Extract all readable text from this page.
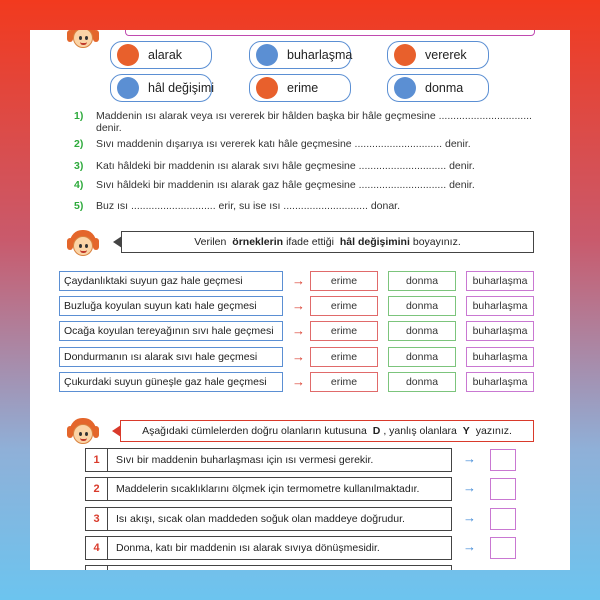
alarak	buharlaşma	vererek
hâl değişimi	erime	donma
1) Maddenin ısı alarak veya ısı vererek bir hâlden başka bir hâle geçmesine ................................
denir.
2) Sıvı maddenin dışarıya ısı vererek katı hâle geçmesine .............................. denir.
3) Katı hâldeki bir maddenin ısı alarak sıvı hâle geçmesine .............................. denir.
4) Sıvı hâldeki bir maddenin ısı alarak gaz hâle geçmesine .............................. denir.
5) Buz ısı ............................. erir, su ise ısı ............................. donar.
Verilen
örneklerin ifade ettiği
hâl değişimini boyayınız.
Çaydanlıktaki suyun gaz hale geçmesi	→	erime	donma	buharlaşma
Buzluğa koyulan suyun katı hale geçmesi	→	erime	donma	buharlaşma
Ocağa koyulan tereyağının sıvı hale geçmesi	→	erime	donma	buharlaşma
Dondurmanın ısı alarak sıvı hale geçmesi	→	erime	donma	buharlaşma
Çukurdaki suyun güneşle gaz hale geçmesi	→	erime	donma	buharlaşma
Aşağıdaki cümlelerden doğru olanların kutusuna
D , yanlış olanlara
Y
yazınız.
1	Sıvı bir maddenin buharlaşması için ısı vermesi gerekir.	→
2	Maddelerin sıcaklıklarını ölçmek için termometre kullanılmaktadır.	→
3	Isı akışı, sıcak olan maddeden soğuk olan maddeye doğrudur.	→
4	Donma, katı bir maddenin ısı alarak sıvıya dönüşmesidir.	→
